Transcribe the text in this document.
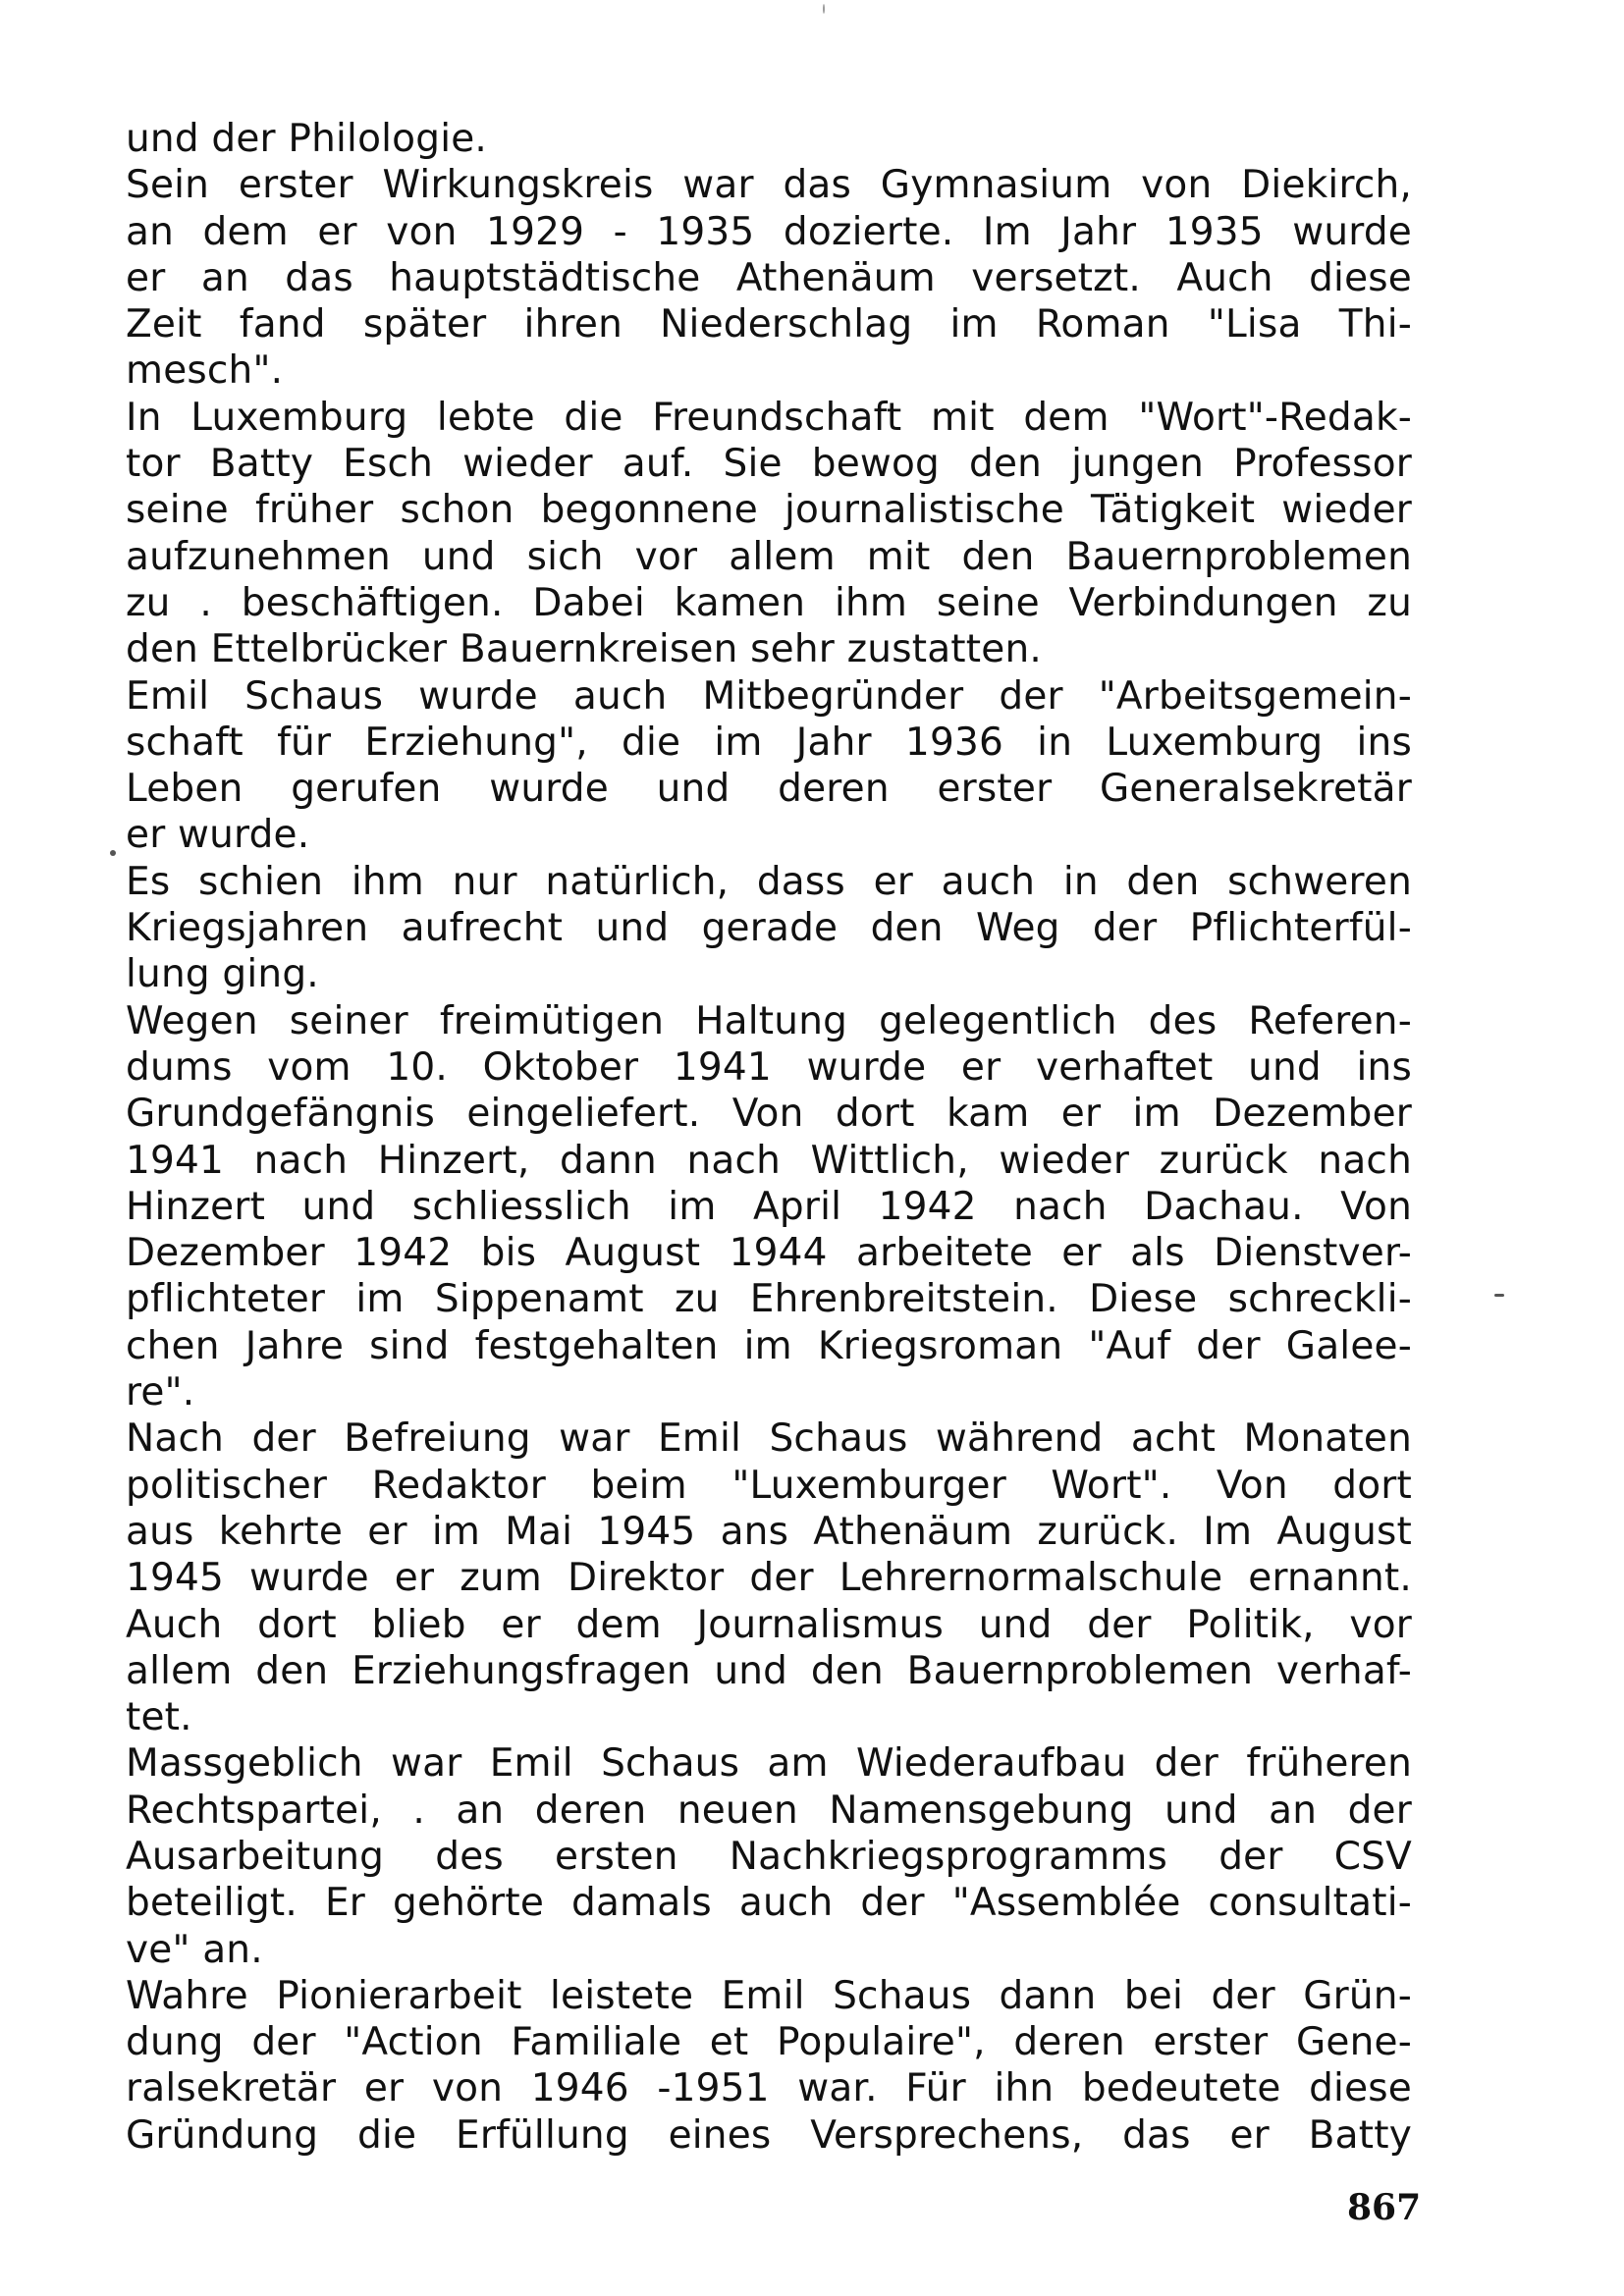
und der Philologie.
Sein erster Wirkungskreis war das Gymnasium von Diekirch,
an dem er von 1929 - 1935 dozierte. Im Jahr 1935 wurde
er an das hauptstädtische Athenäum versetzt. Auch diese
Zeit fand später ihren Niederschlag im Roman "Lisa Thi-
mesch".
In Luxemburg lebte die Freundschaft mit dem "Wort"-Redak-
tor Batty Esch wieder auf. Sie bewog den jungen Professor
seine früher schon begonnene journalistische Tätigkeit wieder
aufzunehmen und sich vor allem mit den Bauernproblemen
zu . beschäftigen. Dabei kamen ihm seine Verbindungen zu
den Ettelbrücker Bauernkreisen sehr zustatten.
Emil Schaus wurde auch Mitbegründer der "Arbeitsgemein-
schaft für Erziehung", die im Jahr 1936 in Luxemburg ins
Leben gerufen wurde und deren erster Generalsekretär
er wurde.
Es schien ihm nur natürlich, dass er auch in den schweren
Kriegsjahren aufrecht und gerade den Weg der Pflichterfül-
lung ging.
Wegen seiner freimütigen Haltung gelegentlich des Referen-
dums vom 10. Oktober 1941 wurde er verhaftet und ins
Grundgefängnis eingeliefert. Von dort kam er im Dezember
1941 nach Hinzert, dann nach Wittlich, wieder zurück nach
Hinzert und schliesslich im April 1942 nach Dachau. Von
Dezember 1942 bis August 1944 arbeitete er als Dienstver-
pflichteter im Sippenamt zu Ehrenbreitstein. Diese schreckli-
chen Jahre sind festgehalten im Kriegsroman "Auf der Galee-
re".
Nach der Befreiung war Emil Schaus während acht Monaten
politischer Redaktor beim "Luxemburger Wort". Von dort
aus kehrte er im Mai 1945 ans Athenäum zurück. Im August
1945 wurde er zum Direktor der Lehrernormalschule ernannt.
Auch dort blieb er dem Journalismus und der Politik, vor
allem den Erziehungsfragen und den Bauernproblemen verhaf-
tet.
Massgeblich war Emil Schaus am Wiederaufbau der früheren
Rechtspartei, . an deren neuen Namensgebung und an der
Ausarbeitung des ersten Nachkriegsprogramms der CSV
beteiligt. Er gehörte damals auch der "Assemblée consultati-
ve" an.
Wahre Pionierarbeit leistete Emil Schaus dann bei der Grün-
dung der "Action Familiale et Populaire", deren erster Gene-
ralsekretär er von 1946 -1951 war. Für ihn bedeutete diese
Gründung die Erfüllung eines Versprechens, das er Batty
867
